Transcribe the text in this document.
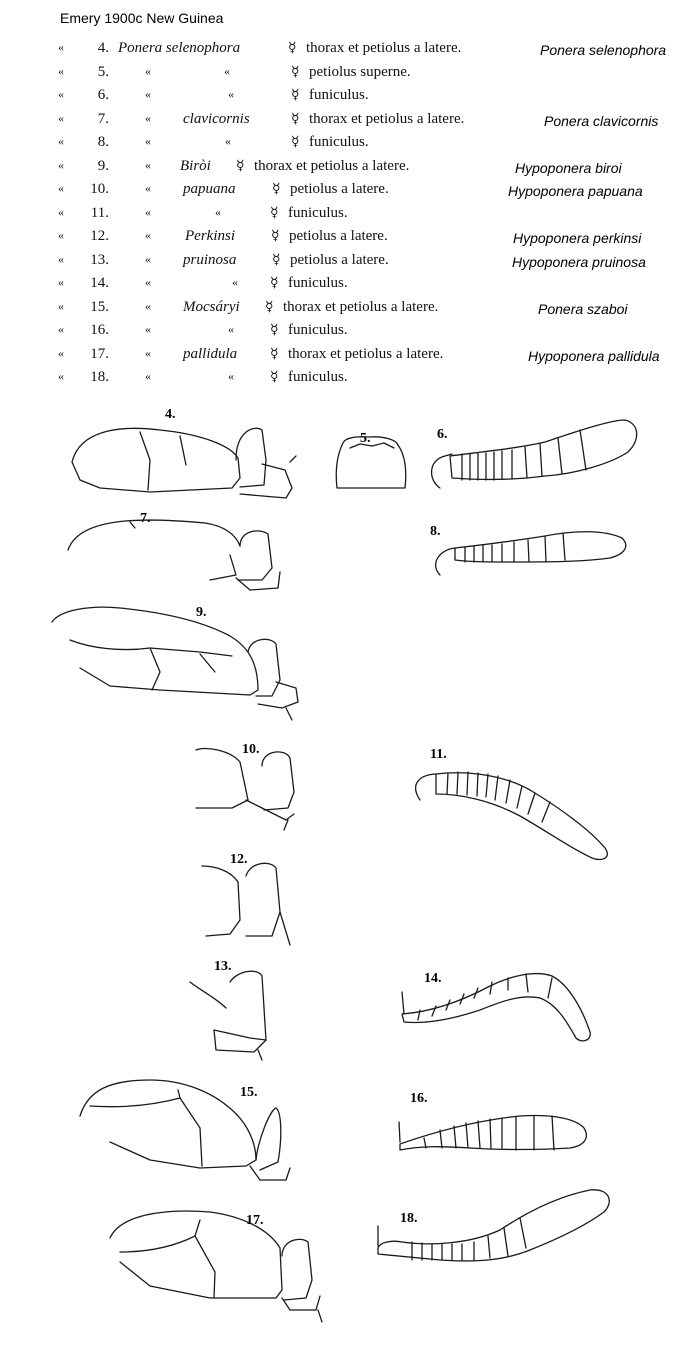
Emery 1900c New Guinea
«	4. Ponera selenophora	☿ thorax et petiolus a latere.	Ponera selenophora
«	5.	«	«	☿ petiolus superne.
«	6.	«	«	☿ funiculus.
«	7.	« clavicornis	☿ thorax et petiolus a latere.	Ponera clavicornis
«	8.	«	«	☿ funiculus.
«	9.	« Biròi ☿ thorax et petiolus a latere.	Hypoponera biroi
«	10.	« papuana	☿ petiolus a latere.	Hypoponera papuana
«	11.	«	«	☿ funiculus.
«	12.	« Perkinsi	☿ petiolus a latere.	Hypoponera perkinsi
«	13.	« pruinosa	☿ petiolus a latere.	Hypoponera pruinosa
«	14.	«	« ☿ funiculus.
«	15.	« Mocsáryi ☿ thorax et petiolus a latere.	Ponera szaboi
«	16.	«	«	☿ funiculus.
«	17.	« pallidula ☿ thorax et petiolus a latere.	Hypoponera pallidula
«	18.	«	«	☿ funiculus.
4.
5.	6.
7.
8.
9.
10.	11.
12.
13.
14.
15.	16.
17.	18.
